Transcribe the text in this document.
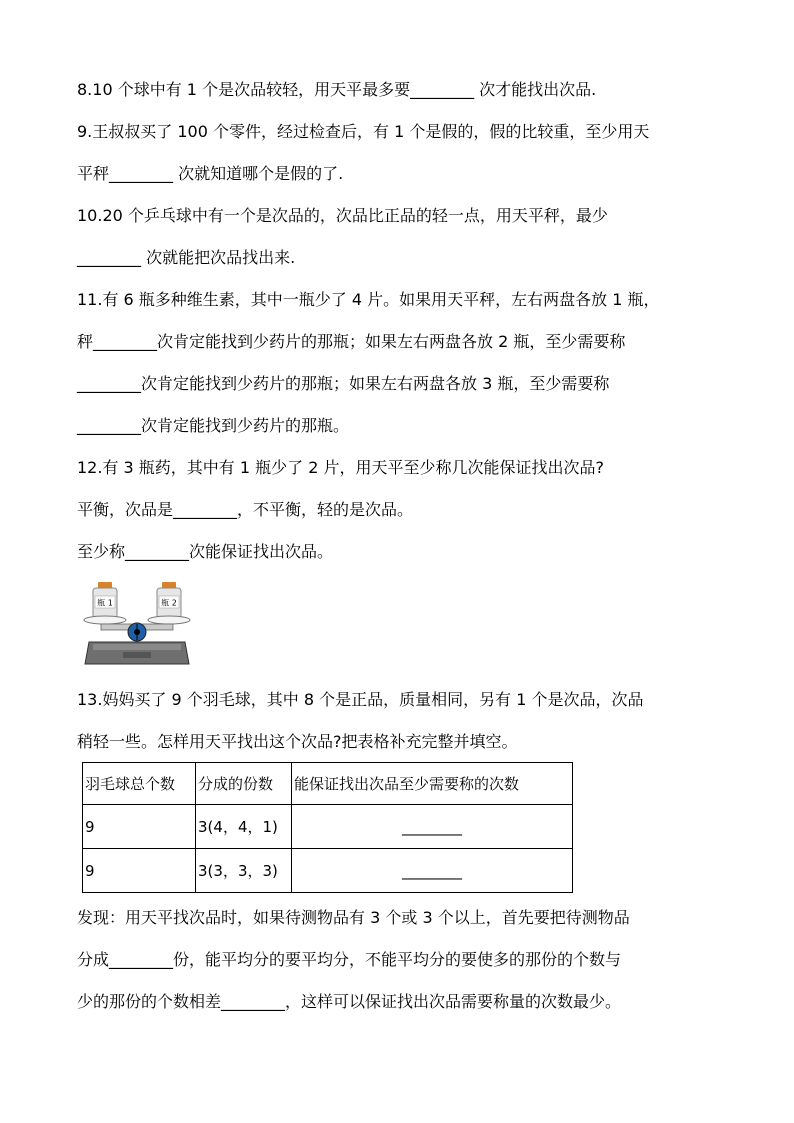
8.10 个球中有 1 个是次品较轻，用天平最多要________ 次才能找出次品.
9.王叔叔买了 100 个零件，经过检查后，有 1 个是假的，假的比较重，至少用天
平秤________ 次就知道哪个是假的了.
10.20 个乒乓球中有一个是次品的，次品比正品的轻一点，用天平秤，最少
________ 次就能把次品找出来.
11.有 6 瓶多种维生素，其中一瓶少了 4 片。如果用天平秤，左右两盘各放 1 瓶，
秤________次肯定能找到少药片的那瓶；如果左右两盘各放 2 瓶，至少需要称
________次肯定能找到少药片的那瓶；如果左右两盘各放 3 瓶，至少需要称
________次肯定能找到少药片的那瓶。
12.有 3 瓶药，其中有 1 瓶少了 2 片，用天平至少称几次能保证找出次品?
平衡，次品是________，不平衡，轻的是次品。
至少称________次能保证找出次品。
瓶 1	瓶 2
13.妈妈买了 9 个羽毛球，其中 8 个是正品，质量相同，另有 1 个是次品，次品
稍轻一些。怎样用天平找出这个次品?把表格补充完整并填空。
羽毛球总个数	分成的份数	能保证找出次品至少需要称的次数
9	3(4，4，1)	________
9	3(3，3，3)	________
发现：用天平找次品时，如果待测物品有 3 个或 3 个以上，首先要把待测物品
分成________份，能平均分的要平均分，不能平均分的要使多的那份的个数与
少的那份的个数相差________，这样可以保证找出次品需要称量的次数最少。
